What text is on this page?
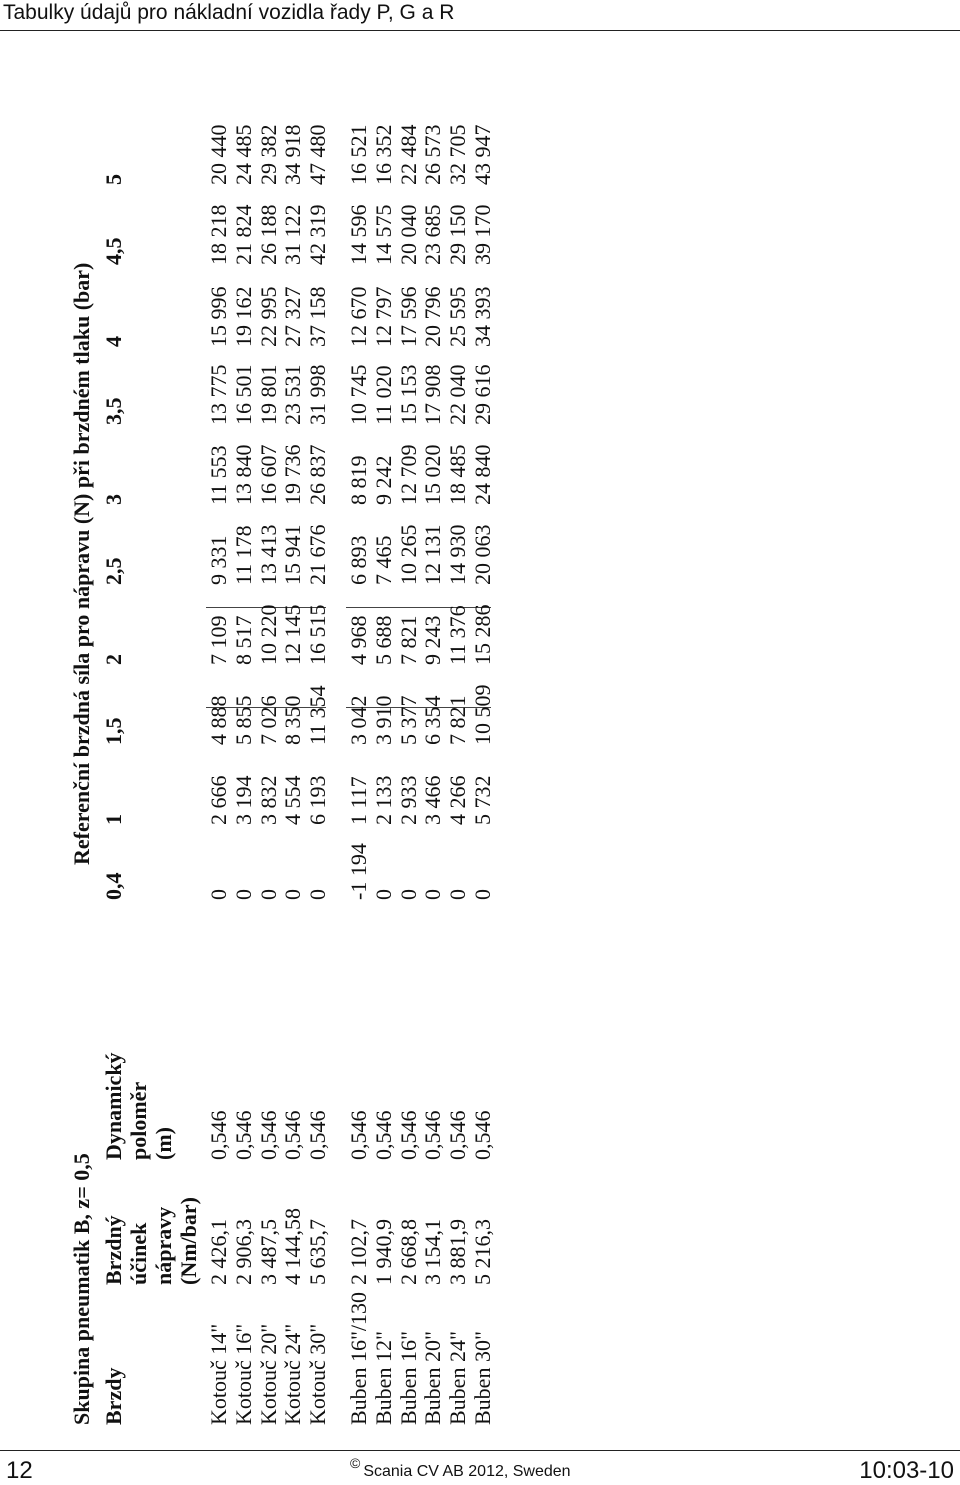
Tabulky údajů pro nákladní vozidla řady P, G a R
Skupina pneumatik B, z= 0,5
Referenční brzdná síla pro nápravu (N) při brzdném tlaku (bar)
Brzdy
Brzdný účinek nápravy (Nm/bar)
Dynamický poloměr (m)
0,4
1
1,5
2
2,5
3
3,5
4
4,5
5
Kotouč 14"
2 426,1
0,546
0
2 666
4 888
7 109
9 331
11 553
13 775
15 996
18 218
20 440
Kotouč 16"
2 906,3
0,546
0
3 194
5 855
8 517
11 178
13 840
16 501
19 162
21 824
24 485
Kotouč 20"
3 487,5
0,546
0
3 832
7 026
10 220
13 413
16 607
19 801
22 995
26 188
29 382
Kotouč 24"
4 144,58
0,546
0
4 554
8 350
12 145
15 941
19 736
23 531
27 327
31 122
34 918
Kotouč 30"
5 635,7
0,546
0
6 193
11 354
16 515
21 676
26 837
31 998
37 158
42 319
47 480
Buben 16"/130
2 102,7
0,546
-1 194
1 117
3 042
4 968
6 893
8 819
10 745
12 670
14 596
16 521
Buben 12"
1 940,9
0,546
0
2 133
3 910
5 688
7 465
9 242
11 020
12 797
14 575
16 352
Buben 16"
2 668,8
0,546
0
2 933
5 377
7 821
10 265
12 709
15 153
17 596
20 040
22 484
Buben 20"
3 154,1
0,546
0
3 466
6 354
9 243
12 131
15 020
17 908
20 796
23 685
26 573
Buben 24"
3 881,9
0,546
0
4 266
7 821
11 376
14 930
18 485
22 040
25 595
29 150
32 705
Buben 30"
5 216,3
0,546
0
5 732
10 509
15 286
20 063
24 840
29 616
34 393
39 170
43 947
12	© Scania CV AB 2012, Sweden	10:03-10
